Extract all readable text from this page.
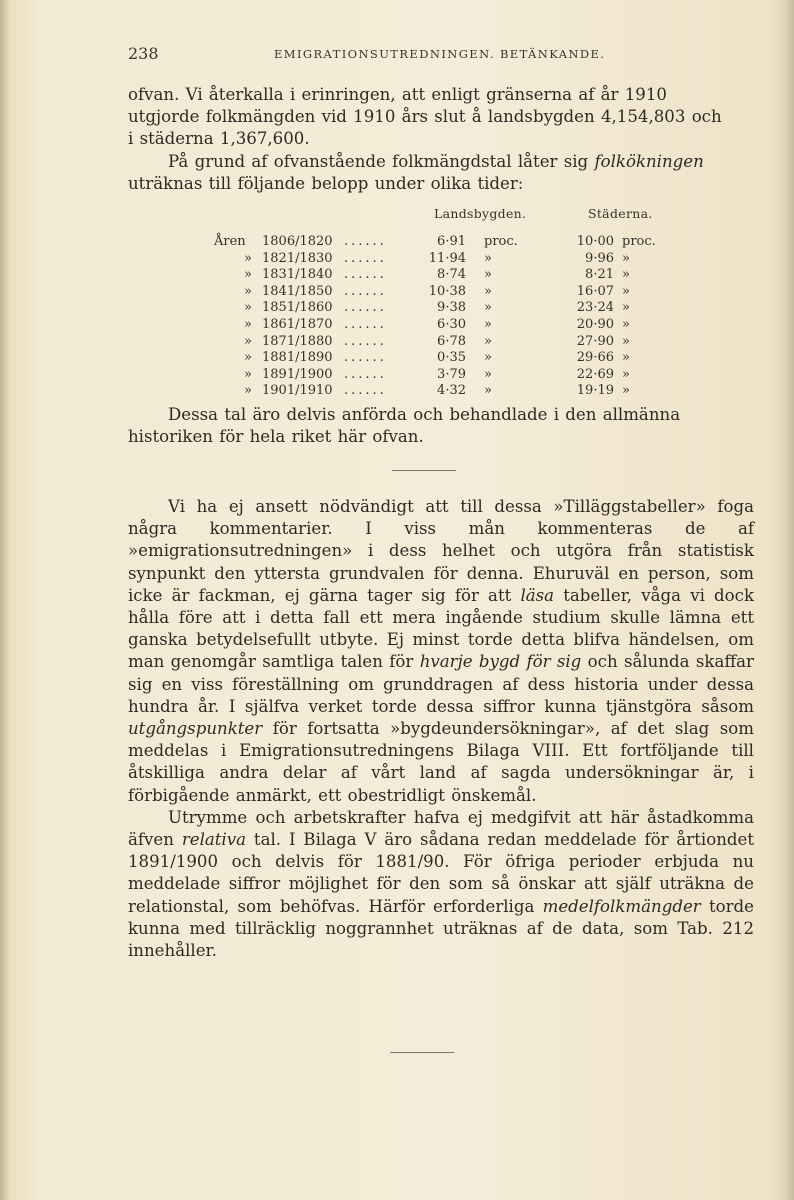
238	EMIGRATIONSUTREDNINGEN. BETÄNKANDE.

ofvan. Vi återkalla i erinringen, att enligt gränserna af år 1910

utgjorde folkmängden vid 1910 års slut å landsbygden 4,154,803 och

i städerna 1,367,600.

På grund af ofvanstående folkmängdstal låter sig folkökningen

uträknas till följande belopp under olika tider:

Landsbygden.	Städerna.
Åren	1806/1820 ......	6·91 proc.	10·00 proc.
» 1821/1830 ......	11·94 »	9·96 »
» 1831/1840 ......	8·74 »	8·21 »
» 1841/1850 ......	10·38 »	16·07 »
» 1851/1860 ......	9·38 »	23·24 »
» 1861/1870 ......	6·30 »	20·90 »
» 1871/1880 ......	6·78 »	27·90 »
» 1881/1890 ......	0·35 »	29·66 »
» 1891/1900 ......	3·79 »	22·69 »
» 1901/1910 ......	4·32 »	19·19 »

Dessa tal äro delvis anförda och behandlade i den allmänna

historiken för hela riket här ofvan.

Vi ha ej ansett nödvändigt att till dessa »Tilläggstabeller» foga några kommentarier. I viss mån kommenteras de af »emigrationsutredningen» i dess helhet och utgöra från statistisk synpunkt den yttersta grundvalen för denna. Ehuruväl en person, som icke är fackman, ej gärna tager sig för att läsa tabeller, våga vi dock hålla före att i detta fall ett mera ingående studium skulle lämna ett ganska betydelsefullt utbyte. Ej minst torde detta blifva händelsen, om man genomgår samtliga talen för hvarje bygd för sig och sålunda skaffar sig en viss föreställning om grunddragen af dess historia under dessa hundra år. I själfva verket torde dessa siffror kunna tjänstgöra såsom utgångspunkter för fortsatta »bygdeundersökningar», af det slag som meddelas i Emigrationsutredningens Bilaga VIII. Ett fortföljande till åtskilliga andra delar af vårt land af sagda undersökningar är, i förbigående anmärkt, ett obestridligt önskemål.

Utrymme och arbetskrafter hafva ej medgifvit att här åstadkomma äfven relativa tal. I Bilaga V äro sådana redan meddelade för årtiondet 1891/1900 och delvis för 1881/90. För öfriga perioder erbjuda nu meddelade siffror möjlighet för den som så önskar att själf uträkna de relationstal, som behöfvas. Härför erforderliga medelfolkmängder torde kunna med tillräcklig noggrannhet uträknas af de data, som Tab. 212 innehåller.
